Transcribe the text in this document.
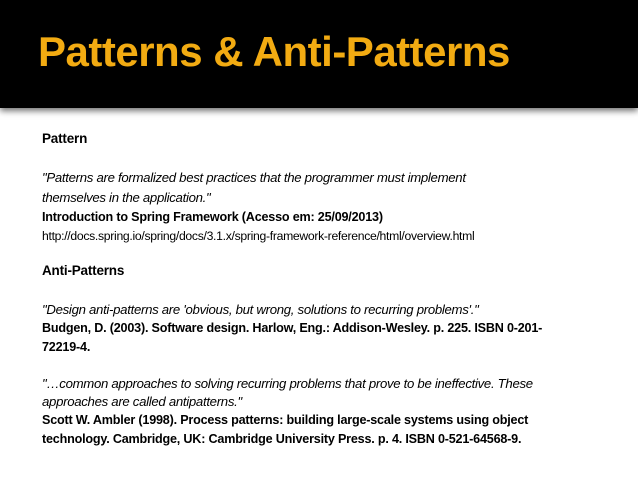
Patterns & Anti-Patterns
Pattern
"Patterns are formalized best practices that the programmer must implement
themselves in the application."
Introduction to Spring Framework (Acesso em: 25/09/2013)
http://docs.spring.io/spring/docs/3.1.x/spring-framework-reference/html/overview.html
Anti-Patterns
"Design anti-patterns are 'obvious, but wrong, solutions to recurring problems'."
Budgen, D. (2003). Software design. Harlow, Eng.: Addison-Wesley. p. 225. ISBN 0-201-
72219-4.
"…common approaches to solving recurring problems that prove to be ineffective. These
approaches are called antipatterns."
Scott W. Ambler (1998). Process patterns: building large-scale systems using object
technology. Cambridge, UK: Cambridge University Press. p. 4. ISBN 0-521-64568-9.
